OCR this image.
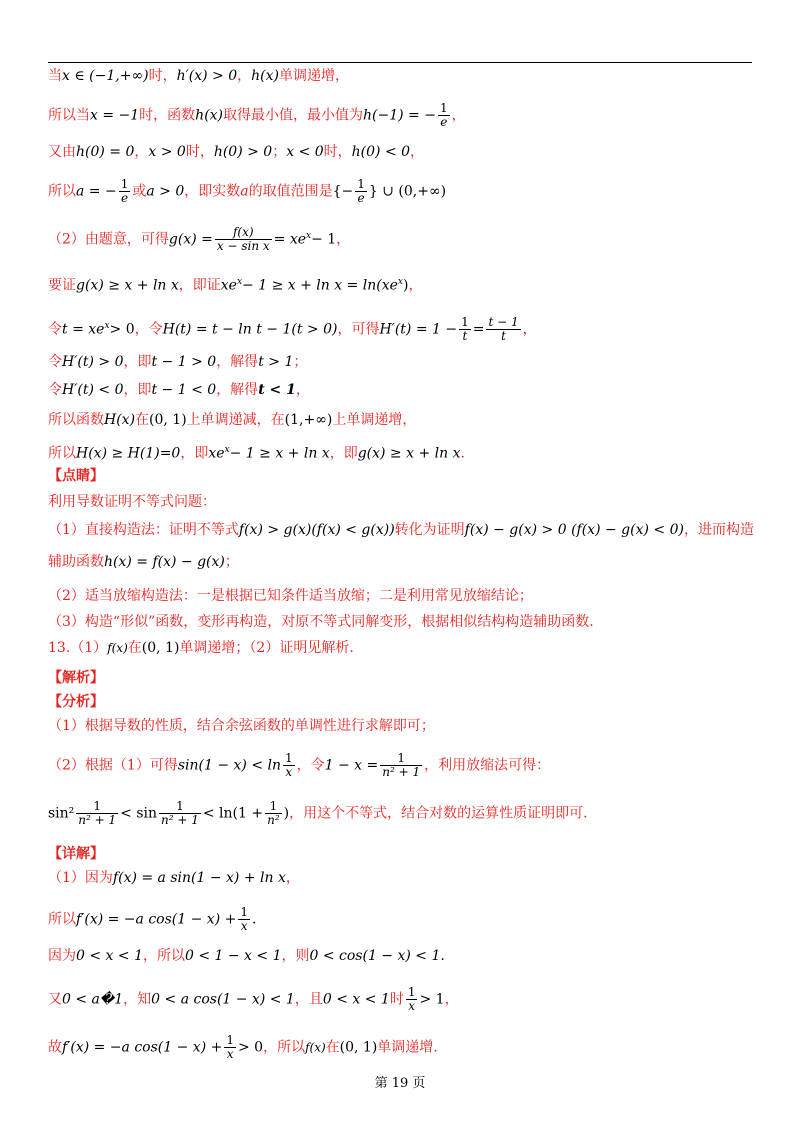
当x ∈ (−1,+∞)时，h′(x) > 0，h(x)单调递增，
所以当x = −1时，函数h(x)取得最小值，最小值为h(−1) = − $\frac{1}{e}$ ，
又由h(0) = 0，x > 0时，h(0) > 0；x < 0时，h(0) < 0，
所以a = − $\frac{1}{e}$ 或a > 0，即实数a的取值范围是{− $\frac{1}{e}$ } ∪ (0,+∞)
（2）由题意，可得$g(x) = \frac{f(x)}{\text{x − sin x}} = xe^x- 1$，
要证g(x) ≥ x + ln x，即证$xe^x- 1 \ge x + \ln x = \ln(xe^x)$，
令$t = xe^x> 0$，令H(t) = t − ln t − 1(t > 0)，可得$H'(t) = 1 - \frac{1}{t} = \frac{t - 1}{t}$ ，
令H′(t) > 0，即t − 1 > 0，解得t > 1；
令H′(t) < 0，即t − 1 < 0，解得t < 1，
所以函数H(x)在(0, 1)上单调递减，在(1,+∞)上单调递增，
所以H(x) ≥ H(1)=0，即$xe^x- 1 \ge x + \ln x$，即g(x) ≥ x + ln x.
【点睛】
利用导数证明不等式问题：
（1）直接构造法：证明不等式f(x) > g(x)(f(x) < g(x))转化为证明f(x) − g(x) > 0 (f(x) − g(x) < 0)，进而构造
辅助函数h(x) = f(x) − g(x)；
（2）适当放缩构造法：一是根据已知条件适当放缩；二是利用常见放缩结论；
（3）构造“形似”函数，变形再构造，对原不等式同解变形，根据相似结构构造辅助函数.
13.（1）f(x)在(0, 1)单调递增；（2）证明见解析.
【解析】
【分析】
（1）根据导数的性质，结合余弦函数的单调性进行求解即可；
（2）根据（1）可得$\sin(1 - x) < \ln \frac{1}{x}$ ，令$1 - x = \frac{1}{\text{n² + 1}}$ ，利用放缩法可得：
$\sin^2 \frac{1}{\text{n² + 1}} < \sin \frac{1}{\text{n² + 1}} < \ln(1 + \frac{1}{\text{n²}}$ )，用这个不等式，结合对数的运算性质证明即可.
【详解】
（1）因为f(x) = a sin(1 − x) + ln x，
所以f′(x) = −a $\cos(1 - x) + \frac{1}{x}$ .
因为0 < x < 1，所以0 < 1 − x < 1，则0 < cos(1 − x) < 1.
又0 < a�1，知0 < a cos(1 − x) < 1，且0 < x < 1时 $\frac{1}{x} > 1$，
故f′(x) = −a $\cos(1 - x) + \frac{1}{x} > 0$，所以f(x)在(0, 1)单调递增.
第 19 页
